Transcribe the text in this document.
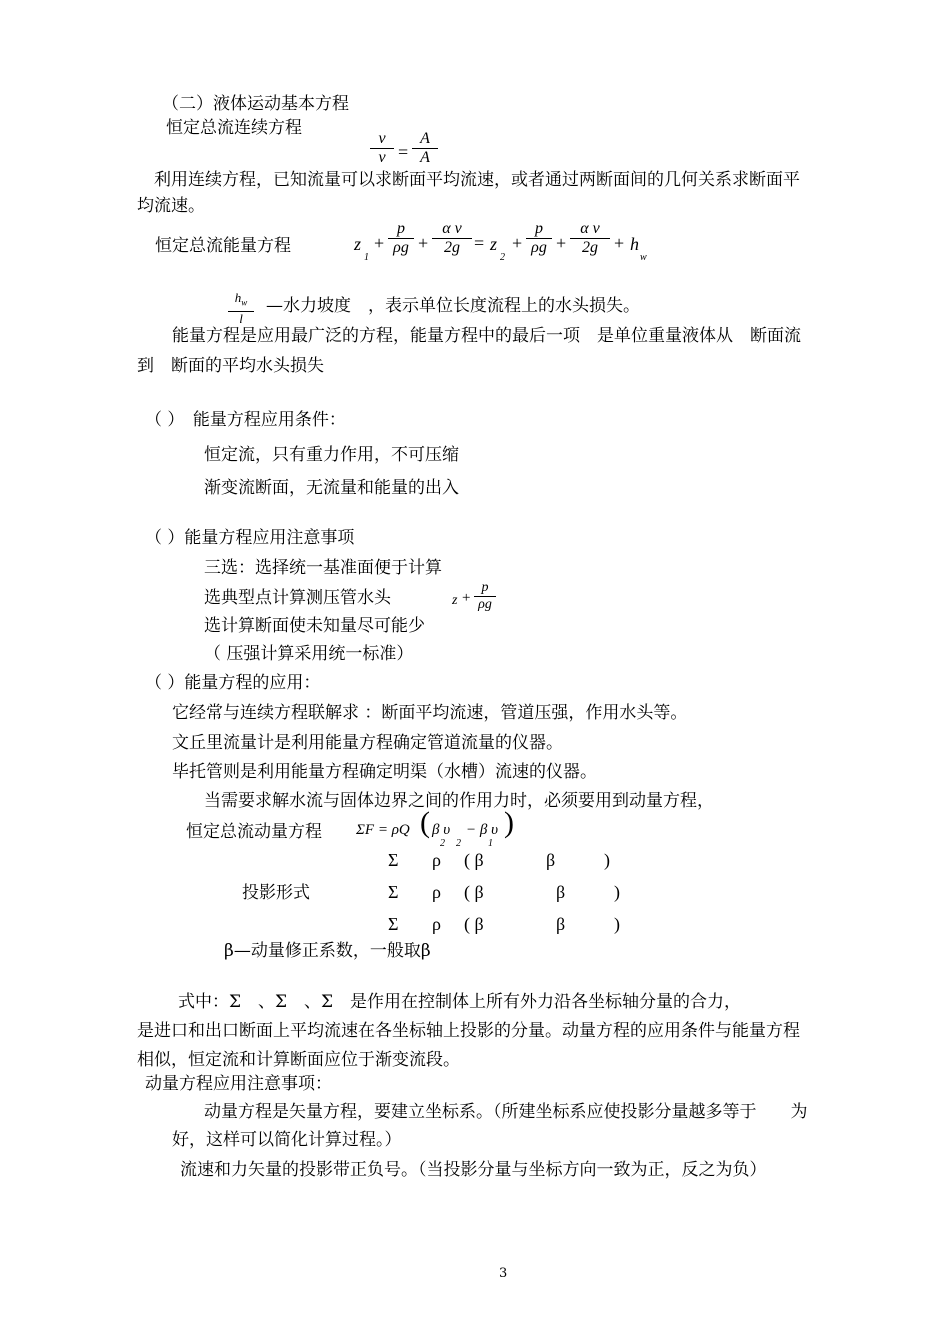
（二）液体运动基本方程
恒定总流连续方程
$\frac{v}{v} = \frac{A}{A}$
利用连续方程，已知流量可以求断面平均流速，或者通过两断面间的几何关系求断面平
均流速。
恒定总流能量方程	z
1
+ $\frac{p}{\rho g} + \frac{\text{α v}}{2g} = z$
2
+ $\frac{p}{\rho g} + \frac{\text{α v}}{2g} + h$
w
$\frac{h_w}{l}$ —水力坡度　，表示单位长度流程上的水头损失。
能量方程是应用最广泛的方程，能量方程中的最后一项　是单位重量液体从　断面流
到　断面的平均水头损失
（ ）　能量方程应用条件：
恒定流，只有重力作用，不可压缩
渐变流断面，无流量和能量的出入
（ ）能量方程应用注意事项
三选：选择统一基准面便于计算
选典型点计算测压管水头	$z + \frac{p}{\rho g}$
选计算断面使未知量尽可能少
（ 压强计算采用统一标准）
（ ）能量方程的应用：
它经常与连续方程联解求 ：断面平均流速，管道压强，作用水头等。
文丘里流量计是利用能量方程确定管道流量的仪器。
毕托管则是利用能量方程确定明渠（水槽）流速的仪器。
当需要求解水流与固体边界之间的作用力时，必须要用到动量方程，
恒定总流动量方程 ΣF = ρQ ( β υ
2 2
− β υ
1
)
Σ ρ ( β	β	)
投影形式	Σ ρ ( β	β	)
Σ ρ ( β	β	)
β—动量修正系数，一般取β
式中：Σ　、Σ　、Σ　是作用在控制体上所有外力沿各坐标轴分量的合力，
是进口和出口断面上平均流速在各坐标轴上投影的分量。动量方程的应用条件与能量方程
相似，恒定流和计算断面应位于渐变流段。
动量方程应用注意事项：
动量方程是矢量方程，要建立坐标系。（所建坐标系应使投影分量越多等于　　为
好，这样可以简化计算过程。）
流速和力矢量的投影带正负号。（当投影分量与坐标方向一致为正，反之为负）
3
